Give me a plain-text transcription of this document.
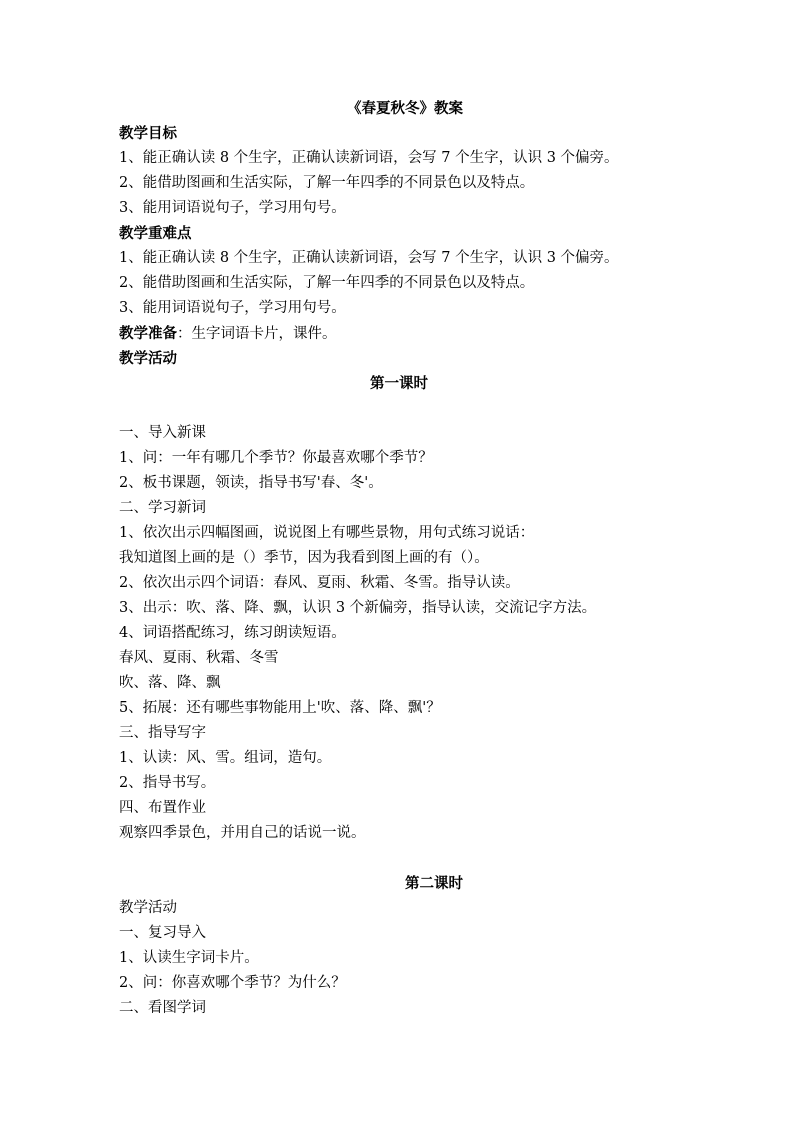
《春夏秋冬》教案
教学目标
1、能正确认读 8 个生字，正确认读新词语，会写 7 个生字，认识 3 个偏旁。
2、能借助图画和生活实际，了解一年四季的不同景色以及特点。
3、能用词语说句子，学习用句号。
教学重难点
1、能正确认读 8 个生字，正确认读新词语，会写 7 个生字，认识 3 个偏旁。
2、能借助图画和生活实际，了解一年四季的不同景色以及特点。
3、能用词语说句子，学习用句号。
教学准备：生字词语卡片，课件。
教学活动
第一课时
一、导入新课
1、问：一年有哪几个季节？你最喜欢哪个季节？
2、板书课题，领读，指导书写'春、冬'。
二、学习新词
1、依次出示四幅图画，说说图上有哪些景物，用句式练习说话：
我知道图上画的是（）季节，因为我看到图上画的有（）。
2、依次出示四个词语：春风、夏雨、秋霜、冬雪。指导认读。
3、出示：吹、落、降、飘，认识 3 个新偏旁，指导认读，交流记字方法。
4、词语搭配练习，练习朗读短语。
春风、夏雨、秋霜、冬雪
吹、落、降、飘
5、拓展：还有哪些事物能用上'吹、落、降、飘'？
三、指导写字
1、认读：风、雪。组词，造句。
2、指导书写。
四、布置作业
观察四季景色，并用自己的话说一说。
第二课时
教学活动
一、复习导入
1、认读生字词卡片。
2、问：你喜欢哪个季节？为什么？
二、看图学词
